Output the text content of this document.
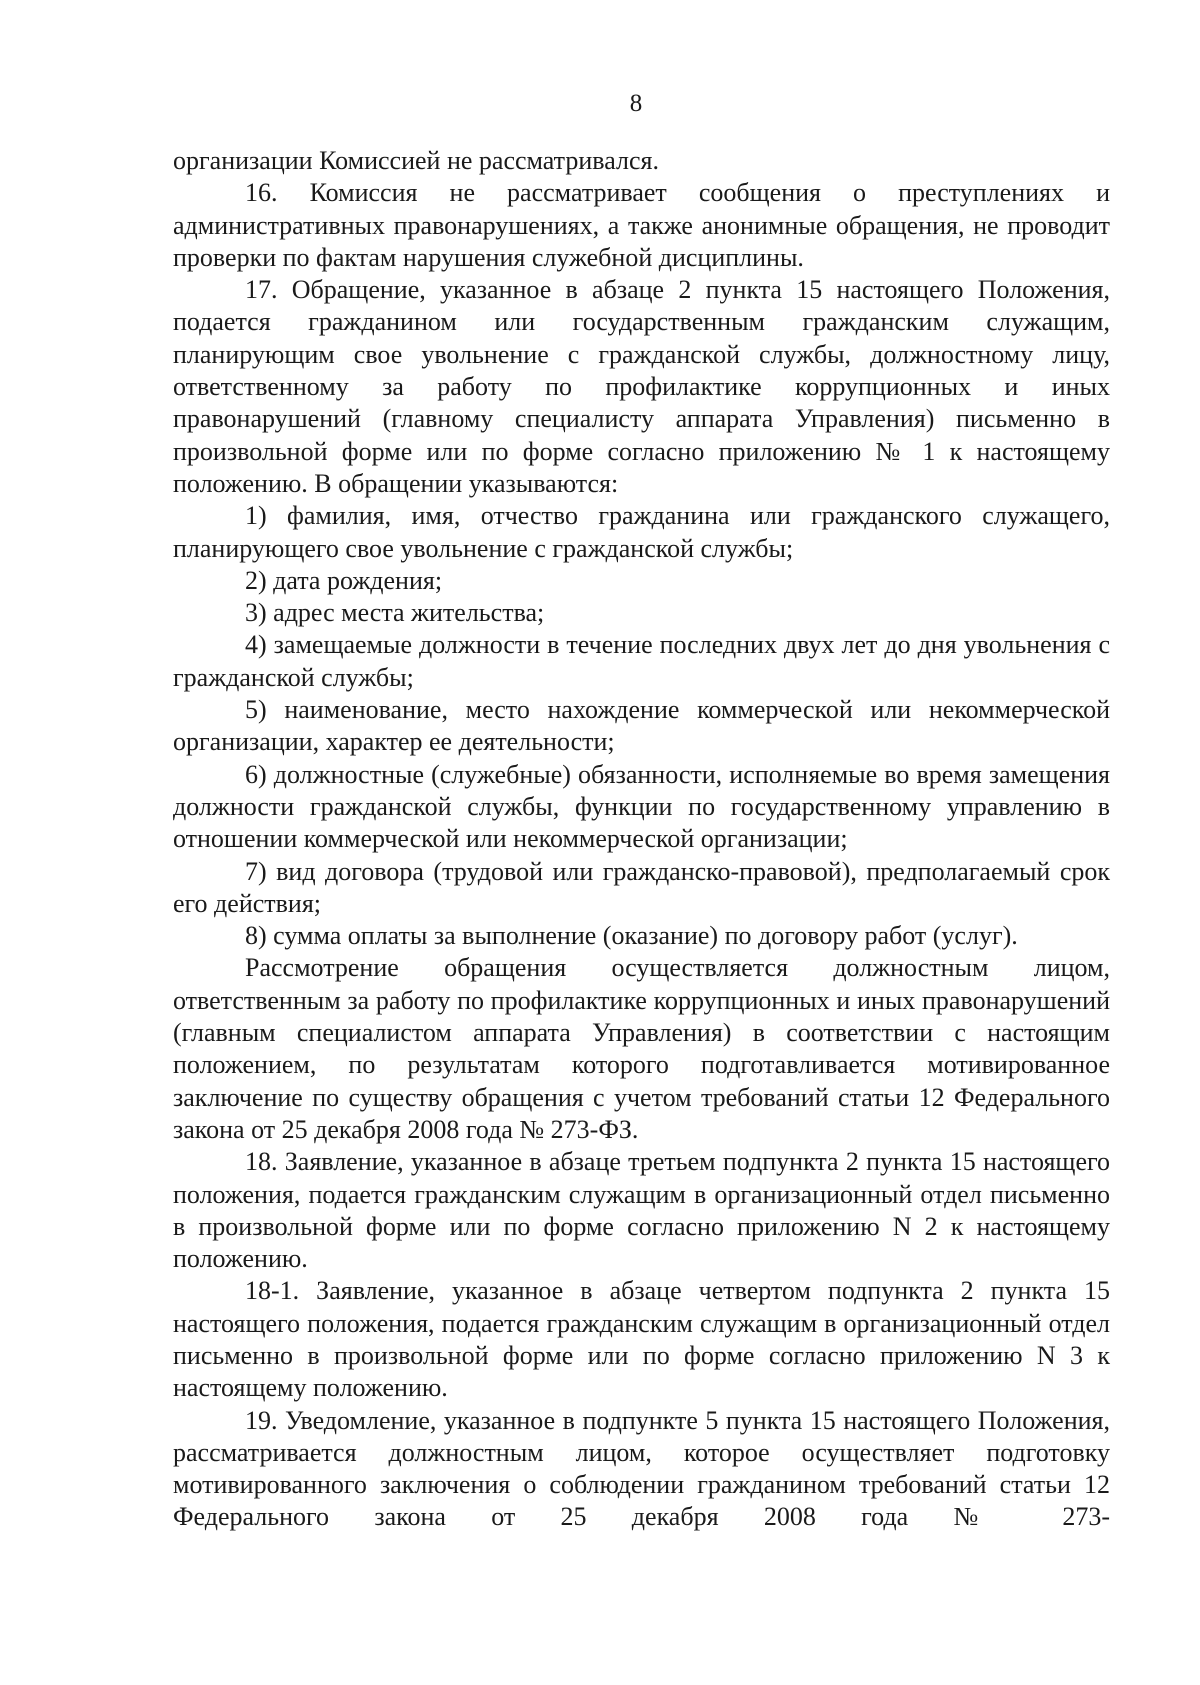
8

организации Комиссией не рассматривался.

16. Комиссия не рассматривает сообщения о преступлениях и административных правонарушениях, а также анонимные обращения, не проводит проверки по фактам нарушения служебной дисциплины.

17. Обращение, указанное в абзаце 2 пункта 15 настоящего Положения, подается гражданином или государственным гражданским служащим, планирующим свое увольнение с гражданской службы, должностному лицу, ответственному за работу по профилактике коррупционных и иных правонарушений (главному специалисту аппарата Управления) письменно в произвольной форме или по форме согласно приложению № 1 к настоящему положению. В обращении указываются:

1) фамилия, имя, отчество гражданина или гражданского служащего, планирующего свое увольнение с гражданской службы;

2) дата рождения;

3) адрес места жительства;

4) замещаемые должности в течение последних двух лет до дня увольнения с гражданской службы;

5) наименование, место нахождение коммерческой или некоммерческой организации, характер ее деятельности;

6) должностные (служебные) обязанности, исполняемые во время замещения должности гражданской службы, функции по государственному управлению в отношении коммерческой или некоммерческой организации;

7) вид договора (трудовой или гражданско-правовой), предполагаемый срок его действия;

8) сумма оплаты за выполнение (оказание) по договору работ (услуг).

Рассмотрение обращения осуществляется должностным лицом, ответственным за работу по профилактике коррупционных и иных правонарушений (главным специалистом аппарата Управления) в соответствии с настоящим положением, по результатам которого подготавливается мотивированное заключение по существу обращения с учетом требований статьи 12 Федерального закона от 25 декабря 2008 года № 273-ФЗ.

18. Заявление, указанное в абзаце третьем подпункта 2 пункта 15 настоящего положения, подается гражданским служащим в организационный отдел письменно в произвольной форме или по форме согласно приложению N 2 к настоящему положению.

18-1. Заявление, указанное в абзаце четвертом подпункта 2 пункта 15 настоящего положения, подается гражданским служащим в организационный отдел письменно в произвольной форме или по форме согласно приложению N 3 к настоящему положению.

19. Уведомление, указанное в подпункте 5 пункта 15 настоящего Положения, рассматривается должностным лицом, которое осуществляет подготовку мотивированного заключения о соблюдении гражданином требований статьи 12 Федерального закона от 25 декабря 2008 года № 273-
